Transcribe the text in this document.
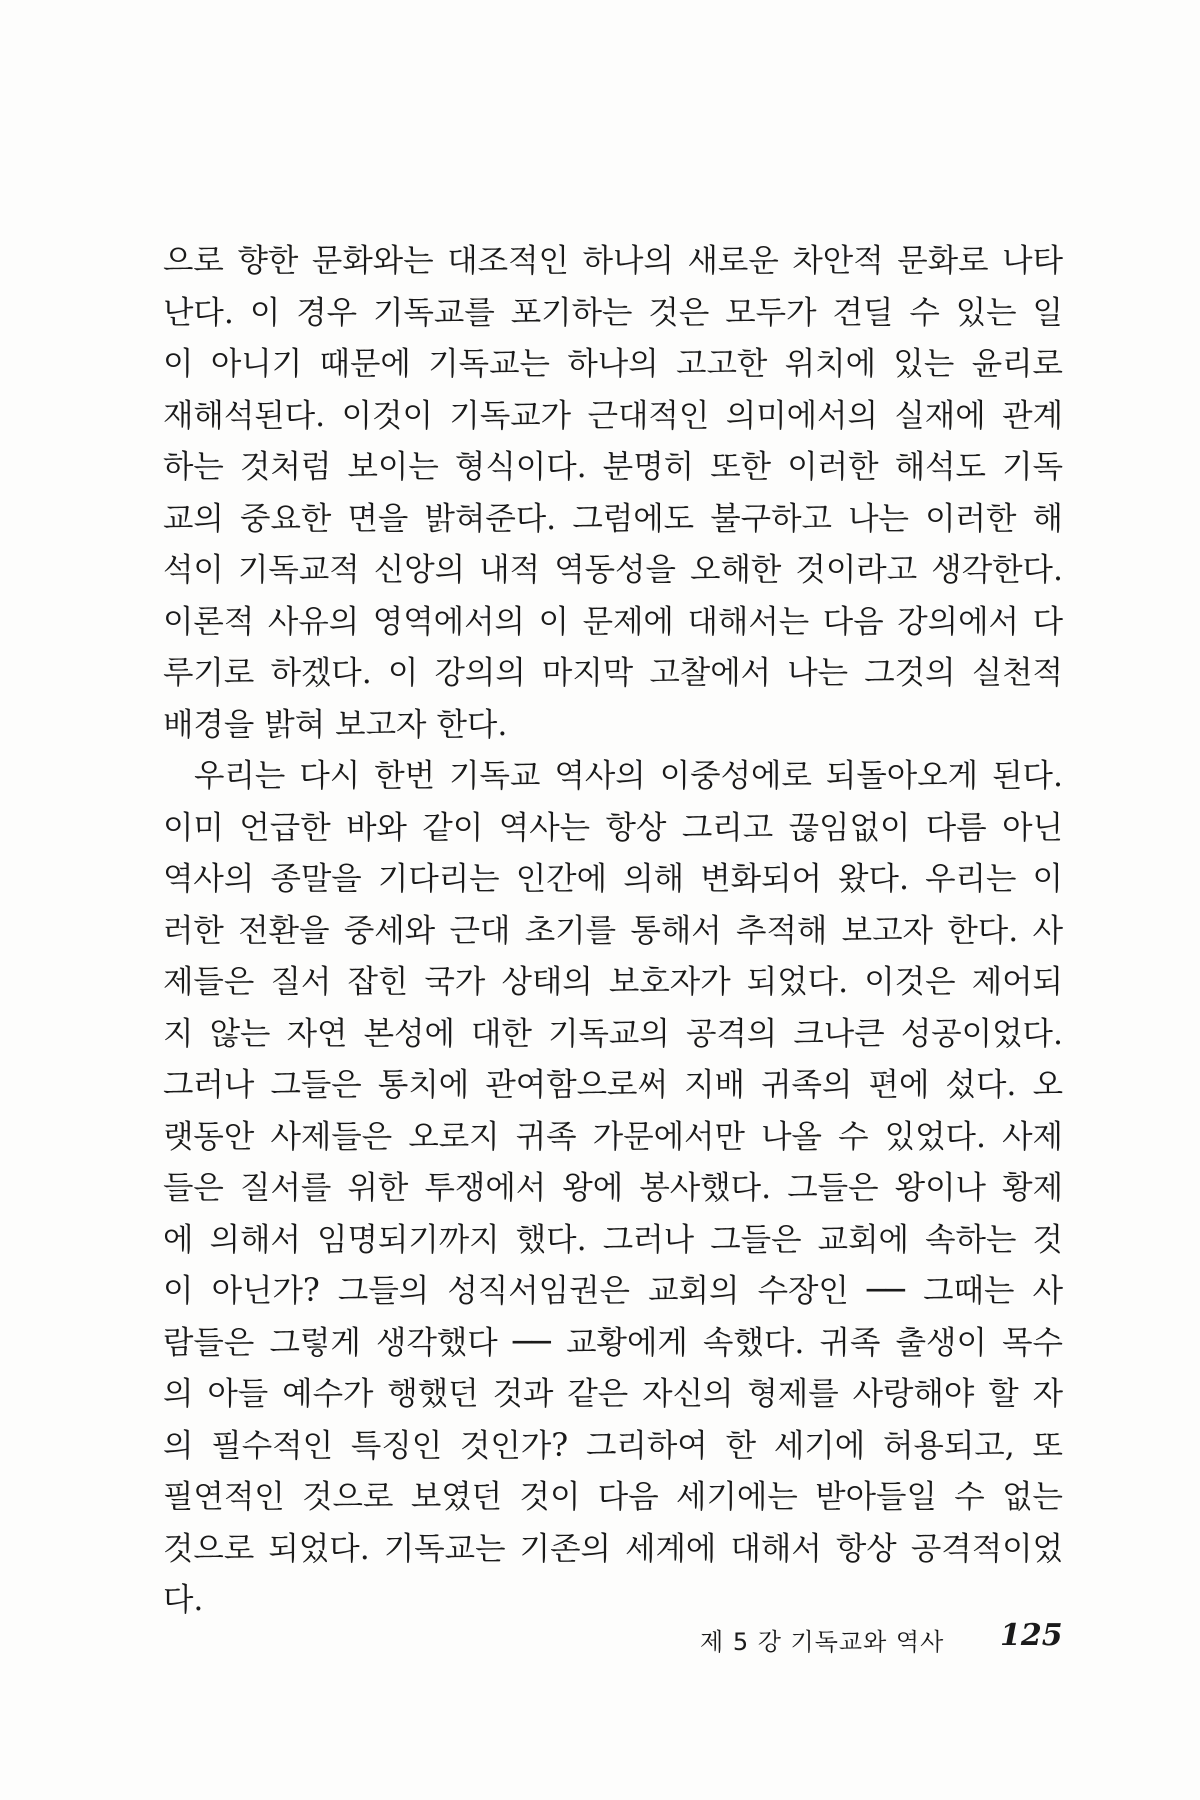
으로 향한 문화와는 대조적인 하나의 새로운 차안적 문화로 나타
난다. 이 경우 기독교를 포기하는 것은 모두가 견딜 수 있는 일
이 아니기 때문에 기독교는 하나의 고고한 위치에 있는 윤리로
재해석된다. 이것이 기독교가 근대적인 의미에서의 실재에 관계
하는 것처럼 보이는 형식이다. 분명히 또한 이러한 해석도 기독
교의 중요한 면을 밝혀준다. 그럼에도 불구하고 나는 이러한 해
석이 기독교적 신앙의 내적 역동성을 오해한 것이라고 생각한다.
이론적 사유의 영역에서의 이 문제에 대해서는 다음 강의에서 다
루기로 하겠다. 이 강의의 마지막 고찰에서 나는 그것의 실천적
배경을 밝혀 보고자 한다.
우리는 다시 한번 기독교 역사의 이중성에로 되돌아오게 된다.
이미 언급한 바와 같이 역사는 항상 그리고 끊임없이 다름 아닌
역사의 종말을 기다리는 인간에 의해 변화되어 왔다. 우리는 이
러한 전환을 중세와 근대 초기를 통해서 추적해 보고자 한다. 사
제들은 질서 잡힌 국가 상태의 보호자가 되었다. 이것은 제어되
지 않는 자연 본성에 대한 기독교의 공격의 크나큰 성공이었다.
그러나 그들은 통치에 관여함으로써 지배 귀족의 편에 섰다. 오
랫동안 사제들은 오로지 귀족 가문에서만 나올 수 있었다. 사제
들은 질서를 위한 투쟁에서 왕에 봉사했다. 그들은 왕이나 황제
에 의해서 임명되기까지 했다. 그러나 그들은 교회에 속하는 것
이 아닌가? 그들의 성직서임권은 교회의 수장인 ── 그때는 사
람들은 그렇게 생각했다 ── 교황에게 속했다. 귀족 출생이 목수
의 아들 예수가 행했던 것과 같은 자신의 형제를 사랑해야 할 자
의 필수적인 특징인 것인가? 그리하여 한 세기에 허용되고, 또
필연적인 것으로 보였던 것이 다음 세기에는 받아들일 수 없는
것으로 되었다. 기독교는 기존의 세계에 대해서 항상 공격적이었
다.
제 5 강 기독교와 역사 125
